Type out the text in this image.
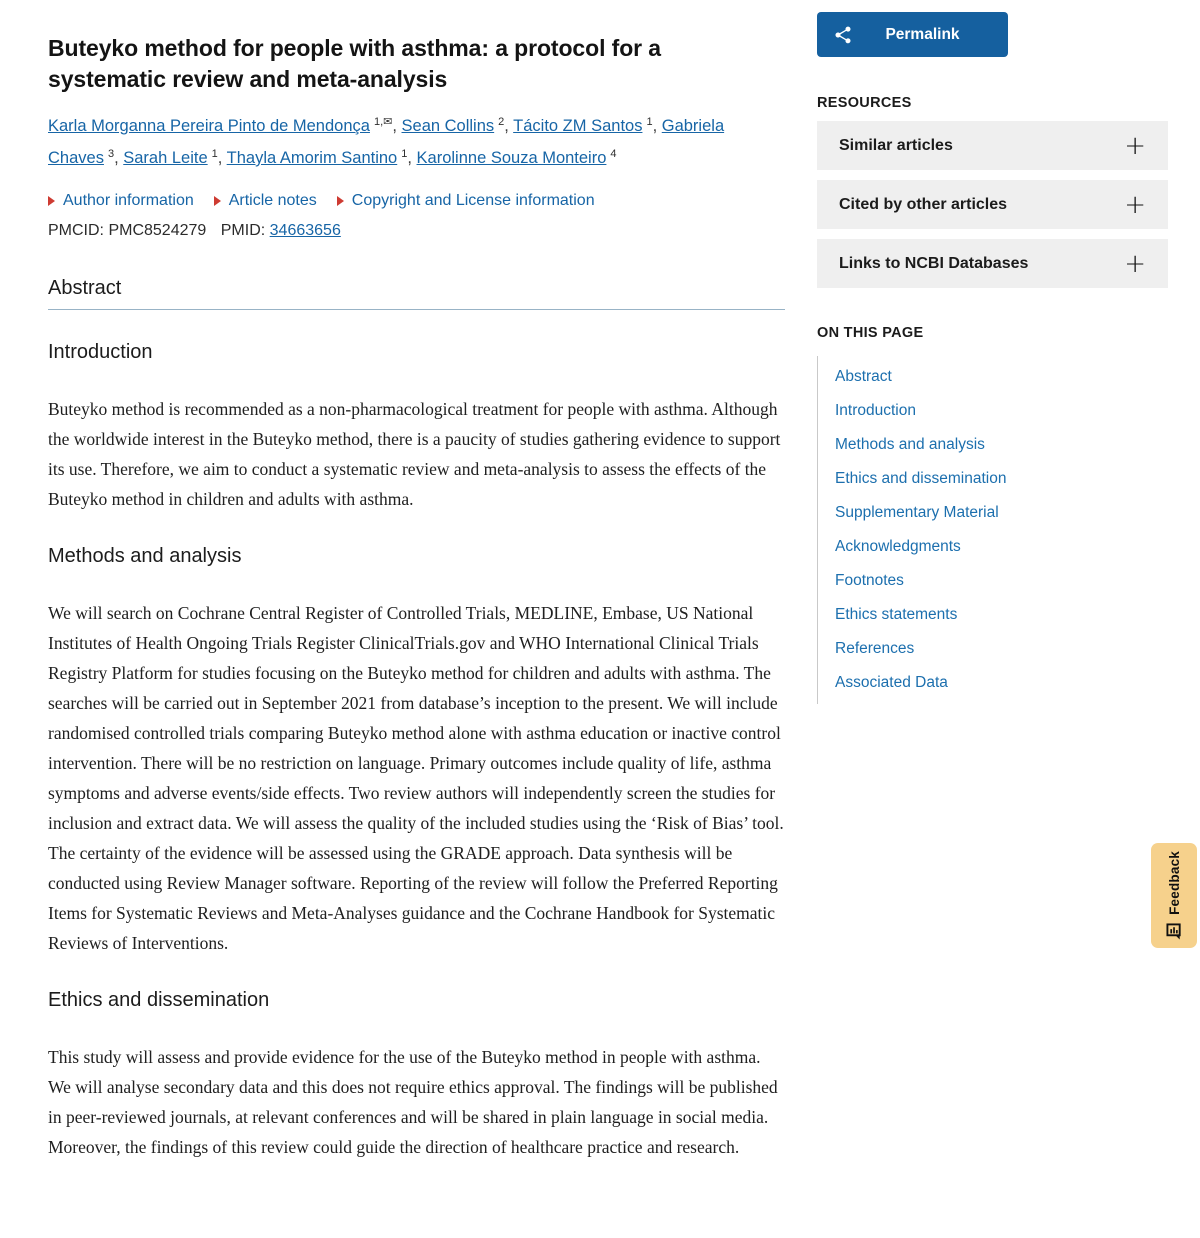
Buteyko method for people with asthma: a protocol for a systematic review and meta-analysis
Karla Morganna Pereira Pinto de Mendonça $^{1,✉}$, Sean Collins $^2$, Tácito ZM Santos $^1$, Gabriela Chaves $^3$, Sarah Leite $^1$, Thayla Amorim Santino $^1$, Karolinne Souza Monteiro $^4$
Author information Article notes Copyright and License information
PMCID: PMC8524279 PMID: 34663656
Abstract
Introduction

Buteyko method is recommended as a non-pharmacological treatment for people with asthma. Although the worldwide interest in the Buteyko method, there is a paucity of studies gathering evidence to support its use. Therefore, we aim to conduct a systematic review and meta-analysis to assess the effects of the Buteyko method in children and adults with asthma.

Methods and analysis

We will search on Cochrane Central Register of Controlled Trials, MEDLINE, Embase, US National Institutes of Health Ongoing Trials Register ClinicalTrials.gov and WHO International Clinical Trials Registry Platform for studies focusing on the Buteyko method for children and adults with asthma. The searches will be carried out in September 2021 from database’s inception to the present. We will include randomised controlled trials comparing Buteyko method alone with asthma education or inactive control intervention. There will be no restriction on language. Primary outcomes include quality of life, asthma symptoms and adverse events/side effects. Two review authors will independently screen the studies for inclusion and extract data. We will assess the quality of the included studies using the ‘Risk of Bias’ tool. The certainty of the evidence will be assessed using the GRADE approach. Data synthesis will be conducted using Review Manager software. Reporting of the review will follow the Preferred Reporting Items for Systematic Reviews and Meta-Analyses guidance and the Cochrane Handbook for Systematic Reviews of Interventions.

Ethics and dissemination

This study will assess and provide evidence for the use of the Buteyko method in people with asthma. We will analyse secondary data and this does not require ethics approval. The findings will be published in peer-reviewed journals, at relevant conferences and will be shared in plain language in social media. Moreover, the findings of this review could guide the direction of healthcare practice and research.

Permalink
RESOURCES
Similar articles	+
Cited by other articles	+
Links to NCBI Databases	+
ON THIS PAGE
Abstract
Introduction
Methods and analysis
Ethics and dissemination
Supplementary Material
Acknowledgments
Footnotes
Ethics statements
References
Associated Data
Feedback
